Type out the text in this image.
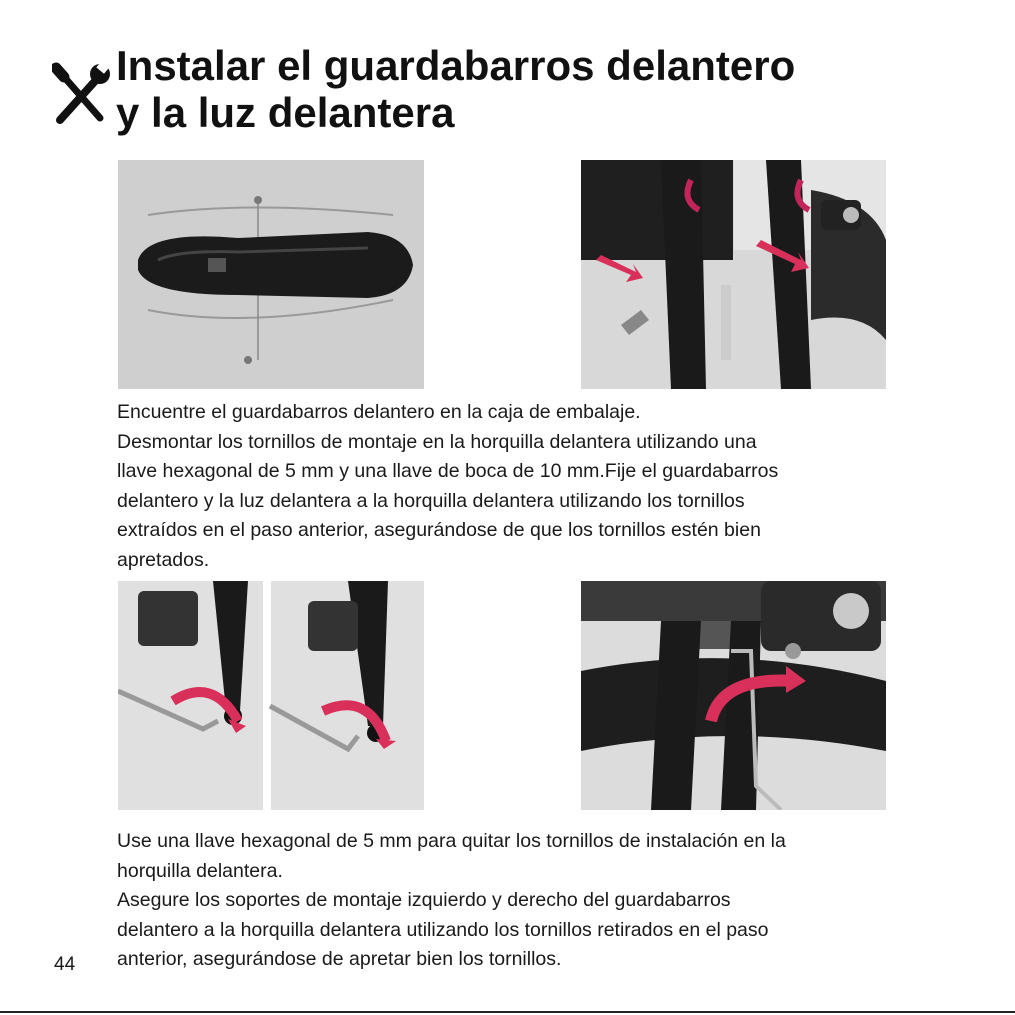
Instalar el guardabarros delantero
y la luz delantera
Encuentre el guardabarros delantero en la caja de embalaje.
Desmontar los tornillos de montaje en la horquilla delantera utilizando una
llave hexagonal de 5 mm y una llave de boca de 10 mm.Fije el guardabarros
delantero y la luz delantera a la horquilla delantera utilizando los tornillos
extraídos en el paso anterior, asegurándose de que los tornillos estén bien
apretados.
Use una llave hexagonal de 5 mm para quitar los tornillos de instalación en la
horquilla delantera.
Asegure los soportes de montaje izquierdo y derecho del guardabarros
delantero a la horquilla delantera utilizando los tornillos retirados en el paso
anterior, asegurándose de apretar bien los tornillos.
44
